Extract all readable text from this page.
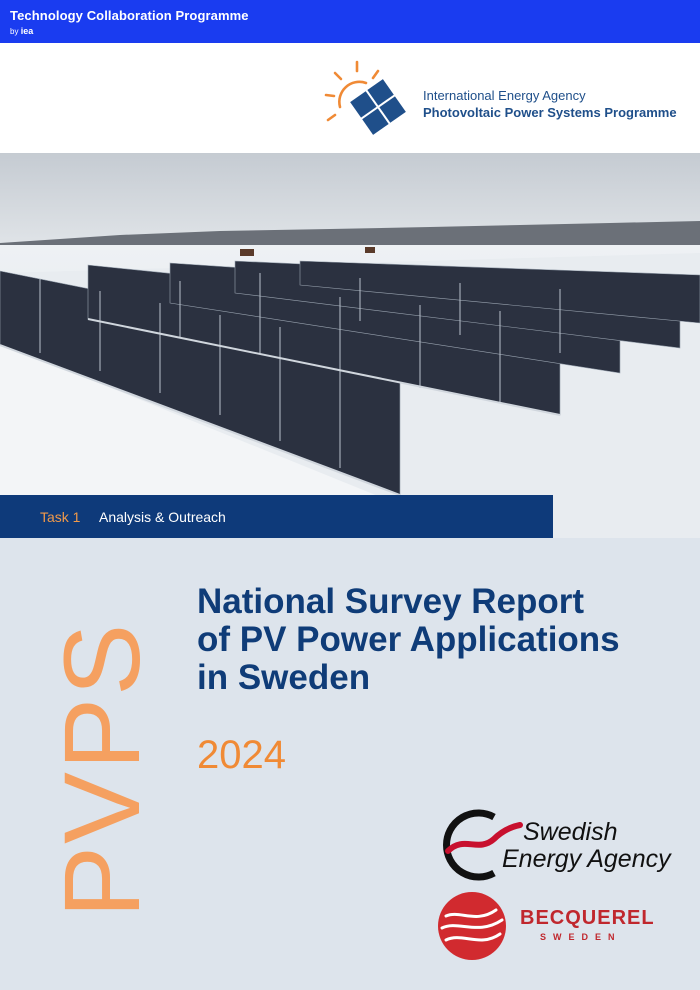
Technology Collaboration Programme
by iea
International Energy Agency
Photovoltaic Power Systems Programme
Task 1 Analysis & Outreach
PVPS
National Survey Report
of PV Power Applications
in Sweden
2024
Swedish
Energy Agency
BECQUEREL
SWEDEN
